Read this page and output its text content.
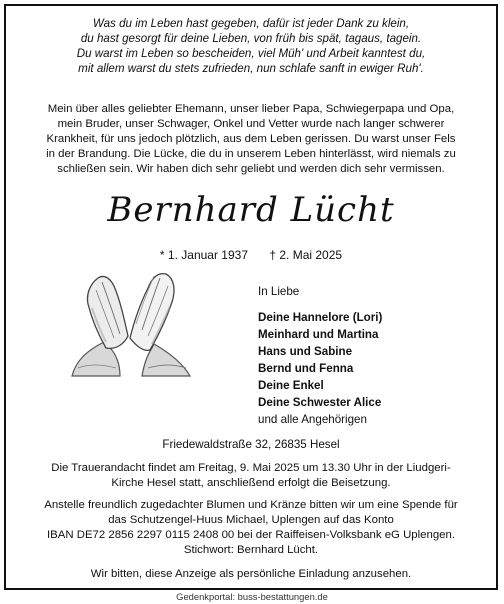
Was du im Leben hast gegeben, dafür ist jeder Dank zu klein,
du hast gesorgt für deine Lieben, von früh bis spät, tagaus, tagein.
Du warst im Leben so bescheiden, viel Müh' und Arbeit kanntest du,
mit allem warst du stets zufrieden, nun schlafe sanft in ewiger Ruh'.
Mein über alles geliebter Ehemann, unser lieber Papa, Schwiegerpapa und Opa,
mein Bruder, unser Schwager, Onkel und Vetter wurde nach langer schwerer
Krankheit, für uns jedoch plötzlich, aus dem Leben gerissen. Du warst unser Fels
in der Brandung. Die Lücke, die du in unserem Leben hinterlässt, wird niemals zu
schließen sein. Wir haben dich sehr geliebt und werden dich sehr vermissen.
Bernhard Lücht
* 1. Januar 1937 † 2. Mai 2025
In Liebe
Deine Hannelore (Lori)
Meinhard und Martina
Hans und Sabine
Bernd und Fenna
Deine Enkel
Deine Schwester Alice
und alle Angehörigen
Friedewaldstraße 32, 26835 Hesel
Die Trauerandacht findet am Freitag, 9. Mai 2025 um 13.30 Uhr in der Liudgeri-
Kirche Hesel statt, anschließend erfolgt die Beisetzung.
Anstelle freundlich zugedachter Blumen und Kränze bitten wir um eine Spende für
das Schutzengel-Huus Michael, Uplengen auf das Konto
IBAN DE72 2856 2297 0115 2408 00 bei der Raiffeisen-Volksbank eG Uplengen.
Stichwort: Bernhard Lücht.
Wir bitten, diese Anzeige als persönliche Einladung anzusehen.
Gedenkportal: buss-bestattungen.de
